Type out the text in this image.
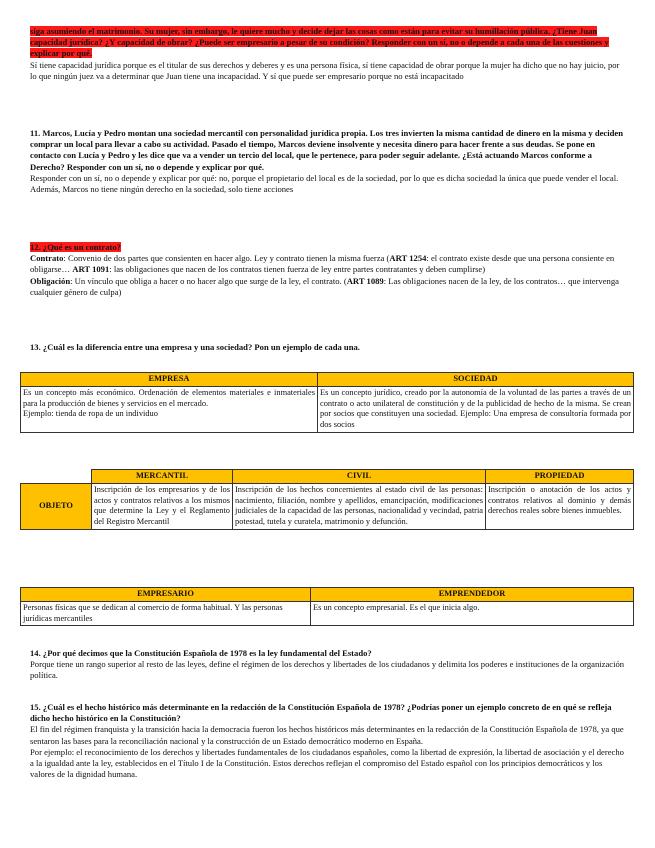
siga asumiendo el matrimonio. Su mujer, sin embargo, le quiere mucho y decide dejar las cosas como están para evitar su humillación pública. ¿Tiene Juan capacidad jurídica? ¿Y capacidad de obrar? ¿Puede ser empresario a pesar de su condición? Responder con un sí, no o depende a cada una de las cuestiones y explicar por qué.

Sí tiene capacidad jurídica porque es el titular de sus derechos y deberes y es una persona física, sí tiene capacidad de obrar porque la mujer ha dicho que no hay juicio, por lo que ningún juez va a determinar que Juan tiene una incapacidad. Y sí que puede ser empresario porque no está incapacitado

11. Marcos, Lucía y Pedro montan una sociedad mercantil con personalidad jurídica propia. Los tres invierten la misma cantidad de dinero en la misma y deciden comprar un local para llevar a cabo su actividad. Pasado el tiempo, Marcos deviene insolvente y necesita dinero para hacer frente a sus deudas. Se pone en contacto con Lucía y Pedro y les dice que va a vender un tercio del local, que le pertenece, para poder seguir adelante. ¿Está actuando Marcos conforme a Derecho? Responder con un sí, no o depende y explicar por qué.

Responder con un sí, no o depende y explicar por qué: no, porque el propietario del local es de la sociedad, por lo que es dicha sociedad la única que puede vender el local. Además, Marcos no tiene ningún derecho en la sociedad, solo tiene acciones

12. ¿Qué es un contrato?

Contrato: Convenio de dos partes que consienten en hacer algo. Ley y contrato tienen la misma fuerza (ART 1254: el contrato existe desde que una persona consiente en obligarse… ART 1091: las obligaciones que nacen de los contratos tienen fuerza de ley entre partes contratantes y deben cumplirse)

Obligación: Un vínculo que obliga a hacer o no hacer algo que surge de la ley, el contrato. (ART 1089: Las obligaciones nacen de la ley, de los contratos… que intervenga cualquier género de culpa)

13. ¿Cuál es la diferencia entre una empresa y una sociedad? Pon un ejemplo de cada una.

EMPRESA	SOCIEDAD
Es un concepto más económico. Ordenación de elementos materiales e inmateriales para la producción de bienes y servicios en el mercado.
Ejemplo: tienda de ropa de un individuo	Es un concepto jurídico, creado por la autonomía de la voluntad de las partes a través de un contrato o acto unilateral de constitución y de la publicidad de hecho de la misma. Se crean por socios que constituyen una sociedad. Ejemplo: Una empresa de consultoría formada por dos socios
	MERCANTIL	CIVIL	PROPIEDAD
OBJETO	Inscripción de los empresarios y de los actos y contratos relativos a los mismos que determine la Ley y el Reglamento del Registro Mercantil	Inscripción de los hechos concernientes al estado civil de las personas: nacimiento, filiación, nombre y apellidos, emancipación, modificaciones judiciales de la capacidad de las personas, nacionalidad y vecindad, patria potestad, tutela y curatela, matrimonio y defunción.	Inscripción o anotación de los actos y contratos relativos al dominio y demás derechos reales sobre bienes inmuebles.
EMPRESARIO	EMPRENDEDOR
Personas físicas que se dedican al comercio de forma habitual. Y las personas jurídicas mercantiles	Es un concepto empresarial. Es el que inicia algo.

14. ¿Por qué decimos que la Constitución Española de 1978 es la ley fundamental del Estado?

Porque tiene un rango superior al resto de las leyes, define el régimen de los derechos y libertades de los ciudadanos y delimita los poderes e instituciones de la organización política.

15. ¿Cuál es el hecho histórico más determinante en la redacción de la Constitución Española de 1978? ¿Podrías poner un ejemplo concreto de en qué se refleja dicho hecho histórico en la Constitución?

El fin del régimen franquista y la transición hacia la democracia fueron los hechos históricos más determinantes en la redacción de la Constitución Española de 1978, ya que sentaron las bases para la reconciliación nacional y la construcción de un Estado democrático moderno en España.

Por ejemplo: el reconocimiento de los derechos y libertades fundamentales de los ciudadanos españoles, como la libertad de expresión, la libertad de asociación y el derecho a la igualdad ante la ley, establecidos en el Título I de la Constitución. Estos derechos reflejan el compromiso del Estado español con los principios democráticos y los valores de la dignidad humana.
